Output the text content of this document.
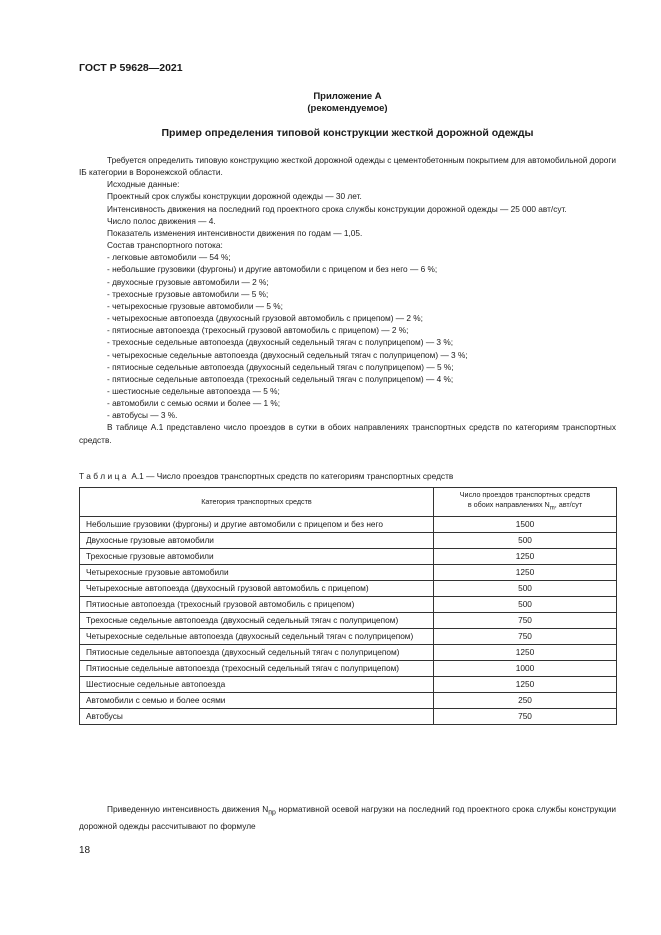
ГОСТ Р 59628—2021
Приложение А
(рекомендуемое)
Пример определения типовой конструкции жесткой дорожной одежды
Требуется определить типовую конструкцию жесткой дорожной одежды с цементобетонным покрытием для автомобильной дороги IБ категории в Воронежской области.
Исходные данные:
Проектный срок службы конструкции дорожной одежды — 30 лет.
Интенсивность движения на последний год проектного срока службы конструкции дорожной одежды — 25 000 авт/сут.
Число полос движения — 4.
Показатель изменения интенсивности движения по годам — 1,05.
Состав транспортного потока:
- легковые автомобили — 54 %;
- небольшие грузовики (фургоны) и другие автомобили с прицепом и без него — 6 %;
- двухосные грузовые автомобили — 2 %;
- трехосные грузовые автомобили — 5 %;
- четырехосные грузовые автомобили — 5 %;
- четырехосные автопоезда (двухосный грузовой автомобиль с прицепом) — 2 %;
- пятиосные автопоезда (трехосный грузовой автомобиль с прицепом) — 2 %;
- трехосные седельные автопоезда (двухосный седельный тягач с полуприцепом) — 3 %;
- четырехосные седельные автопоезда (двухосный седельный тягач с полуприцепом) — 3 %;
- пятиосные седельные автопоезда (двухосный седельный тягач с полуприцепом) — 5 %;
- пятиосные седельные автопоезда (трехосный седельный тягач с полуприцепом) — 4 %;
- шестиосные седельные автопоезда — 5 %;
- автомобили с семью осями и более — 1 %;
- автобусы — 3 %.
В таблице А.1 представлено число проездов в сутки в обоих направлениях транспортных средств по категориям транспортных средств.
Таблица А.1 — Число проездов транспортных средств по категориям транспортных средств
Категория транспортных средств	Число проездов транспортных средств
в обоих направлениях $N_m$, авт/сут
Небольшие грузовики (фургоны) и другие автомобили с прицепом и без него	1500
Двухосные грузовые автомобили	500
Трехосные грузовые автомобили	1250
Четырехосные грузовые автомобили	1250
Четырехосные автопоезда (двухосный грузовой автомобиль с прицепом)	500
Пятиосные автопоезда (трехосный грузовой автомобиль с прицепом)	500
Трехосные седельные автопоезда (двухосный седельный тягач с полуприцепом)	750
Четырехосные седельные автопоезда (двухосный седельный тягач с полуприцепом)	750
Пятиосные седельные автопоезда (двухосный седельный тягач с полуприцепом)	1250
Пятиосные седельные автопоезда (трехосный седельный тягач с полуприцепом)	1000
Шестиосные седельные автопоезда	1250
Автомобили с семью и более осями	250
Автобусы	750
Приведенную интенсивность движения $N_{пр}$ нормативной осевой нагрузки на последний год проектного срока службы конструкции дорожной одежды рассчитывают по формуле
18
